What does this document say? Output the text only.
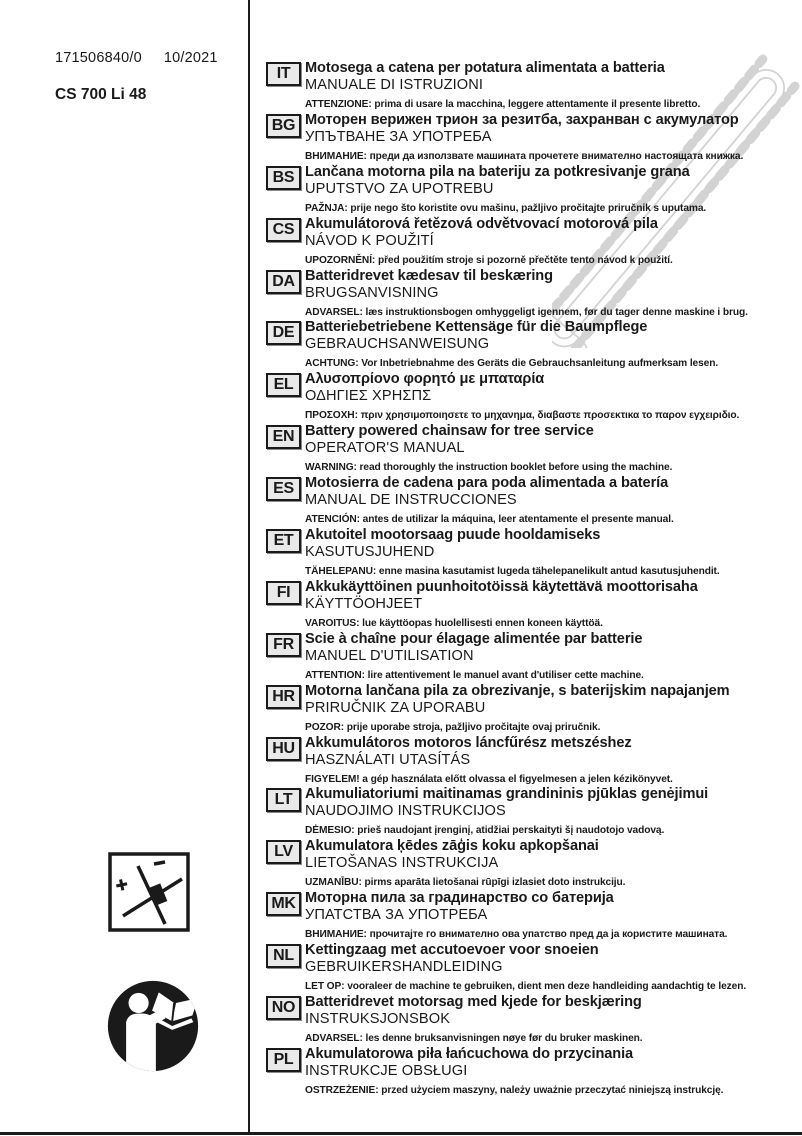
171506840/0 10/2021
CS 700 Li 48
IT Motosega a catena per potatura alimentata a batteria
MANUALE DI ISTRUZIONI
ATTENZIONE: prima di usare la macchina, leggere attentamente il presente libretto.
BG Моторен верижен трион за резитба, захранван с акумулатор
УПЪТВАНЕ ЗА УПОТРЕБА
ВНИМАНИЕ: преди да използвате машината прочетете внимателно настоящата книжка.
BS Lančana motorna pila na bateriju za potkresivanje grana
UPUTSTVO ZA UPOTREBU
PAŽNJA: prije nego što koristite ovu mašinu, pažljivo pročitajte priručnik s uputama.
CS Akumulátorová řetězová odvětvovací motorová pila
NÁVOD K POUŽITÍ
UPOZORNĚNÍ: před použitím stroje si pozorně přečtěte tento návod k použití.
DA Batteridrevet kædesav til beskæring
BRUGSANVISNING
ADVARSEL: læs instruktionsbogen omhyggeligt igennem, før du tager denne maskine i brug.
DE Batteriebetriebene Kettensäge für die Baumpflege
GEBRAUCHSANWEISUNG
ACHTUNG: Vor Inbetriebnahme des Geräts die Gebrauchsanleitung aufmerksam lesen.
EL Αλυσοπρίονο φορητό με μπαταρία
ΟΔΗΓΙΕΣ ΧΡΗΣΠΣ
ΠΡΟΣΟΧΗ: πριν χρησιμοποιησετε το μηχανημα, διαβαστε προσεκτικα το παρον εγχειριδιο.
EN Battery powered chainsaw for tree service
OPERATOR'S MANUAL
WARNING: read thoroughly the instruction booklet before using the machine.
ES Motosierra de cadena para poda alimentada a batería
MANUAL DE INSTRUCCIONES
ATENCIÓN: antes de utilizar la máquina, leer atentamente el presente manual.
ET Akutoitel mootorsaag puude hooldamiseks
KASUTUSJUHEND
TÄHELEPANU: enne masina kasutamist lugeda tähelepanelikult antud kasutusjuhendit.
FI Akkukäyttöinen puunhoitotöissä käytettävä moottorisaha
KÄYTTÖOHJEET
VAROITUS: lue käyttöopas huolellisesti ennen koneen käyttöä.
FR Scie à chaîne pour élagage alimentée par batterie
MANUEL D'UTILISATION
ATTENTION: lire attentivement le manuel avant d'utiliser cette machine.
HR Motorna lančana pila za obrezivanje, s baterijskim napajanjem
PRIRUČNIK ZA UPORABU
POZOR: prije uporabe stroja, pažljivo pročitajte ovaj priručnik.
HU Akkumulátoros motoros láncfűrész metszéshez
HASZNÁLATI UTASÍTÁS
FIGYELEM! a gép használata előtt olvassa el figyelmesen a jelen kézikönyvet.
LT Akumuliatoriumi maitinamas grandininis pjūklas genėjimui
NAUDOJIMO INSTRUKCIJOS
DĖMESIO: prieš naudojant įrenginį, atidžiai perskaityti šį naudotojo vadovą.
LV Akumulatora ķēdes zāģis koku apkopšanai
LIETOŠANAS INSTRUKCIJA
UZMANĪBU: pirms aparāta lietošanai rūpīgi izlasiet doto instrukciju.
MK Моторна пила за градинарство со батерија
УПАТСТВА ЗА УПОТРЕБА
ВНИМАНИЕ: прочитајте го внимателно ова упатство пред да ја користите машината.
NL Kettingzaag met accutoevoer voor snoeien
GEBRUIKERSHANDLEIDING
LET OP: vooraleer de machine te gebruiken, dient men deze handleiding aandachtig te lezen.
NO Batteridrevet motorsag med kjede for beskjæring
INSTRUKSJONSBOK
ADVARSEL: les denne bruksanvisningen nøye før du bruker maskinen.
PL Akumulatorowa piła łańcuchowa do przycinania
INSTRUKCJE OBSŁUGI
OSTRZEŻENIE: przed użyciem maszyny, należy uważnie przeczytać niniejszą instrukcję.
